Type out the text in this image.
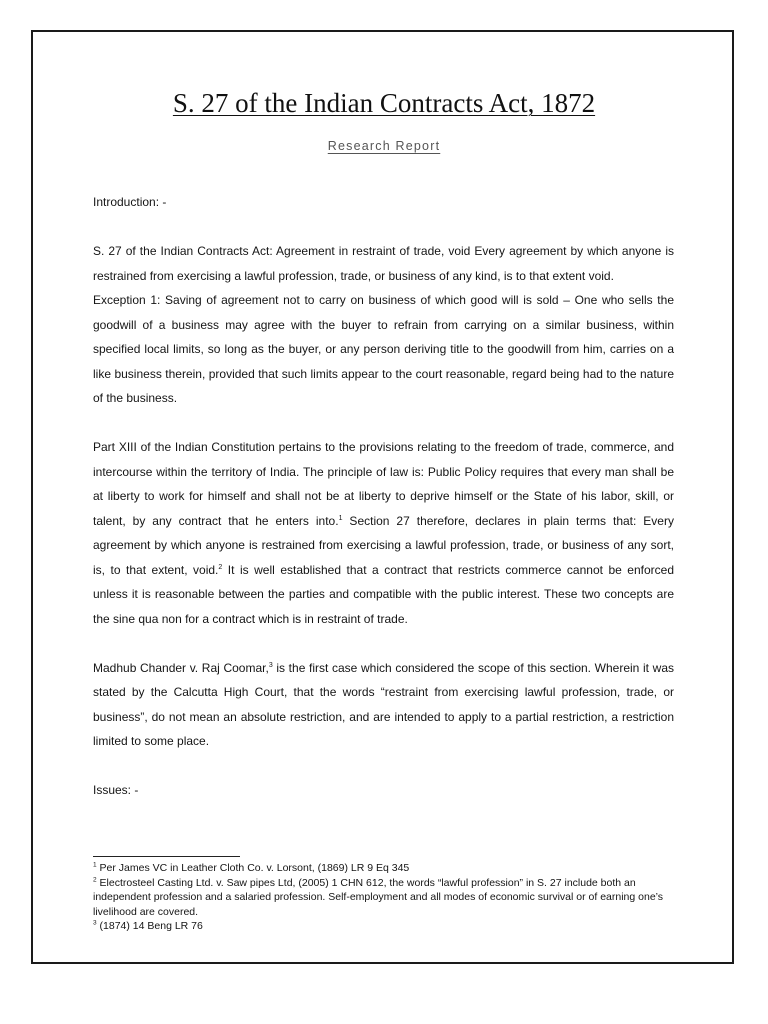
S. 27 of the Indian Contracts Act, 1872
Research Report

Introduction: -

S. 27 of the Indian Contracts Act: Agreement in restraint of trade, void Every agreement by which anyone is restrained from exercising a lawful profession, trade, or business of any kind, is to that extent void.

Exception 1: Saving of agreement not to carry on business of which good will is sold – One who sells the goodwill of a business may agree with the buyer to refrain from carrying on a similar business, within specified local limits, so long as the buyer, or any person deriving title to the goodwill from him, carries on a like business therein, provided that such limits appear to the court reasonable, regard being had to the nature of the business.

Part XIII of the Indian Constitution pertains to the provisions relating to the freedom of trade, commerce, and intercourse within the territory of India. The principle of law is: Public Policy requires that every man shall be at liberty to work for himself and shall not be at liberty to deprive himself or the State of his labor, skill, or talent, by any contract that he enters into.$^1$ Section 27 therefore, declares in plain terms that: Every agreement by which anyone is restrained from exercising a lawful profession, trade, or business of any sort, is, to that extent, void.$^2$ It is well established that a contract that restricts commerce cannot be enforced unless it is reasonable between the parties and compatible with the public interest. These two concepts are the sine qua non for a contract which is in restraint of trade.

Madhub Chander v. Raj Coomar,$^3$ is the first case which considered the scope of this section. Wherein it was stated by the Calcutta High Court, that the words “restraint from exercising lawful profession, trade, or business”, do not mean an absolute restriction, and are intended to apply to a partial restriction, a restriction limited to some place.

Issues: -

$^1$ Per James VC in Leather Cloth Co. v. Lorsont, (1869) LR 9 Eq 345

$^2$ Electrosteel Casting Ltd. v. Saw pipes Ltd, (2005) 1 CHN 612, the words “lawful profession” in S. 27 include both an independent profession and a salaried profession. Self-employment and all modes of economic survival or of earning one’s livelihood are covered.

$^3$ (1874) 14 Beng LR 76
